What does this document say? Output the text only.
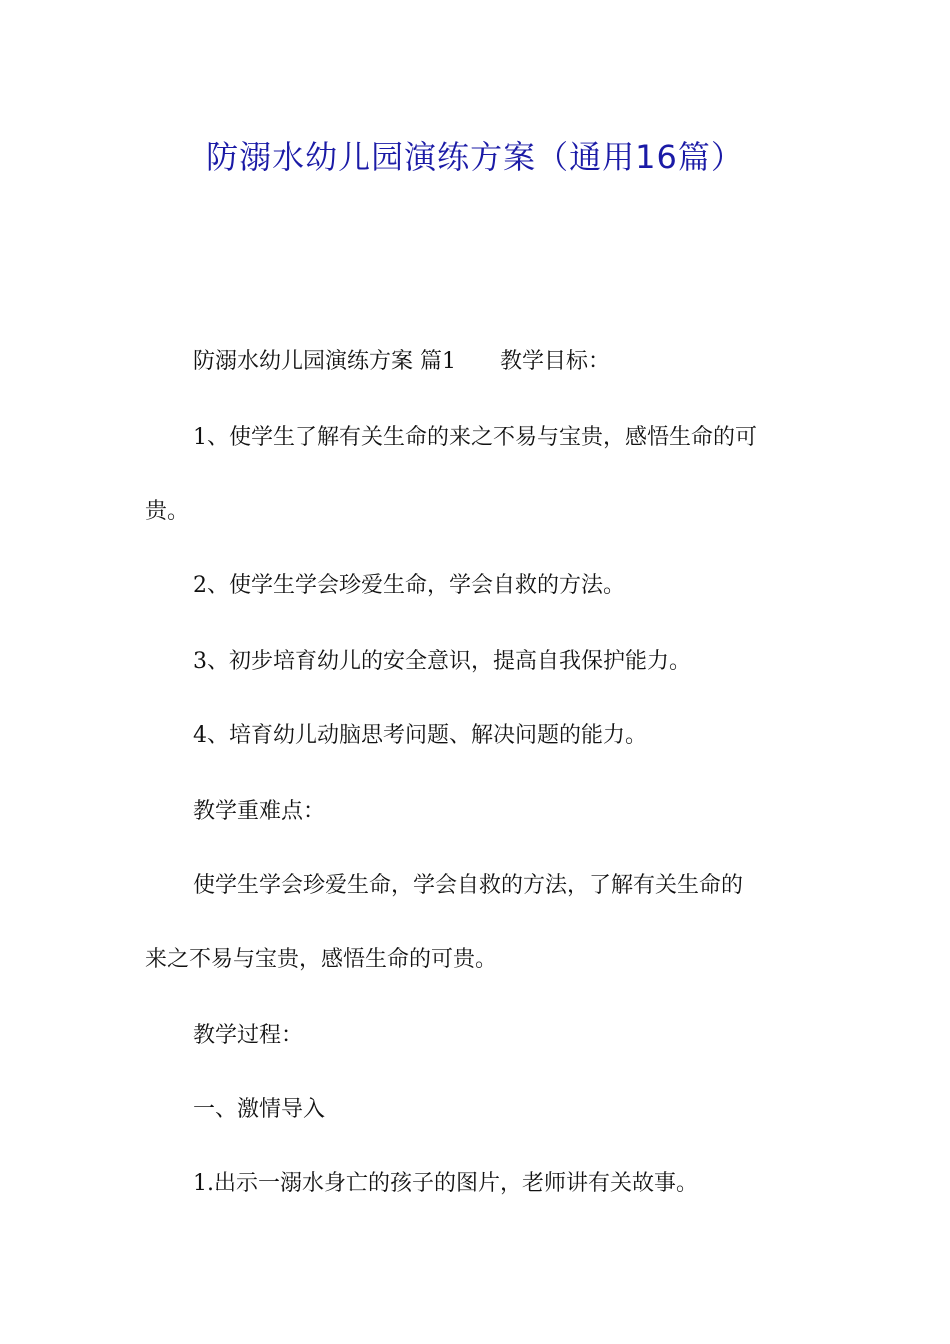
防溺水幼儿园演练方案（通用16篇）

防溺水幼儿园演练方案 篇1 教学目标：

1、使学生了解有关生命的来之不易与宝贵，感悟生命的可

贵。

2、使学生学会珍爱生命，学会自救的方法。

3、初步培育幼儿的安全意识，提高自我保护能力。

4、培育幼儿动脑思考问题、解决问题的能力。

教学重难点：

使学生学会珍爱生命，学会自救的方法，了解有关生命的

来之不易与宝贵，感悟生命的可贵。

教学过程：

一、激情导入

1.出示一溺水身亡的孩子的图片，老师讲有关故事。
